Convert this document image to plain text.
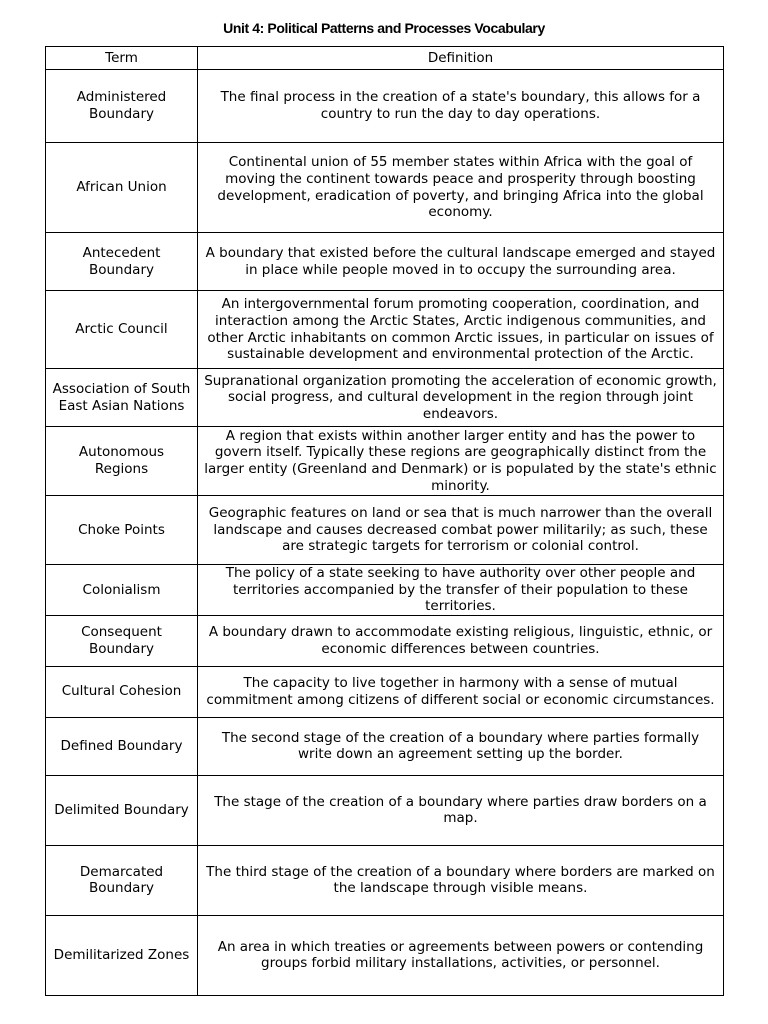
Unit 4: Political Patterns and Processes Vocabulary
Term	Definition
Administered Boundary	The final process in the creation of a state's boundary, this allows for a country to run the day to day operations.
African Union	Continental union of 55 member states within Africa with the goal of moving the continent towards peace and prosperity through boosting development, eradication of poverty, and bringing Africa into the global economy.
Antecedent Boundary	A boundary that existed before the cultural landscape emerged and stayed in place while people moved in to occupy the surrounding area.
Arctic Council	An intergovernmental forum promoting cooperation, coordination, and interaction among the Arctic States, Arctic indigenous communities, and other Arctic inhabitants on common Arctic issues, in particular on issues of sustainable development and environmental protection of the Arctic.
Association of South East Asian Nations	Supranational organization promoting the acceleration of economic growth, social progress, and cultural development in the region through joint endeavors.
Autonomous Regions	A region that exists within another larger entity and has the power to govern itself. Typically these regions are geographically distinct from the larger entity (Greenland and Denmark) or is populated by the state's ethnic minority.
Choke Points	Geographic features on land or sea that is much narrower than the overall landscape and causes decreased combat power militarily; as such, these are strategic targets for terrorism or colonial control.
Colonialism	The policy of a state seeking to have authority over other people and territories accompanied by the transfer of their population to these territories.
Consequent Boundary	A boundary drawn to accommodate existing religious, linguistic, ethnic, or economic differences between countries.
Cultural Cohesion	The capacity to live together in harmony with a sense of mutual commitment among citizens of different social or economic circumstances.
Defined Boundary	The second stage of the creation of a boundary where parties formally write down an agreement setting up the border.
Delimited Boundary	The stage of the creation of a boundary where parties draw borders on a map.
Demarcated Boundary	The third stage of the creation of a boundary where borders are marked on the landscape through visible means.
Demilitarized Zones	An area in which treaties or agreements between powers or contending groups forbid military installations, activities, or personnel.
